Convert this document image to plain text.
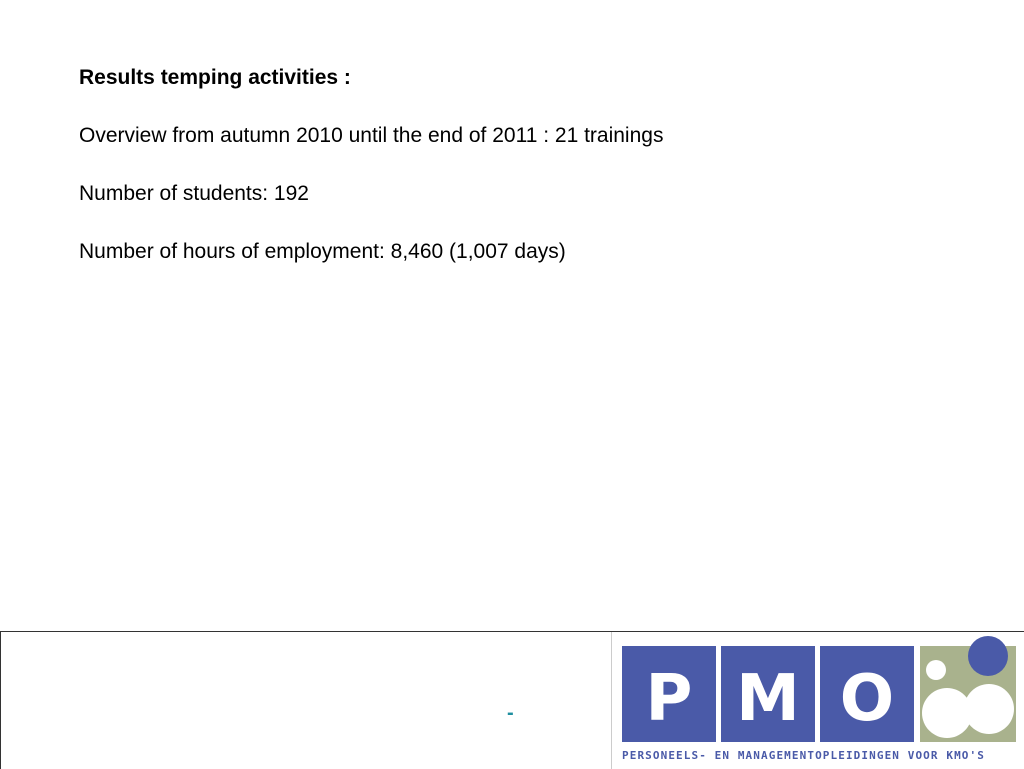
Results temping activities :
Overview from autumn 2010 until the end of 2011 : 21 trainings
Number of students: 192
Number of hours of employment: 8,460 (1,007 days)
-	P M O
PERSONEELS- EN MANAGEMENTOPLEIDINGEN VOOR KMO'S
